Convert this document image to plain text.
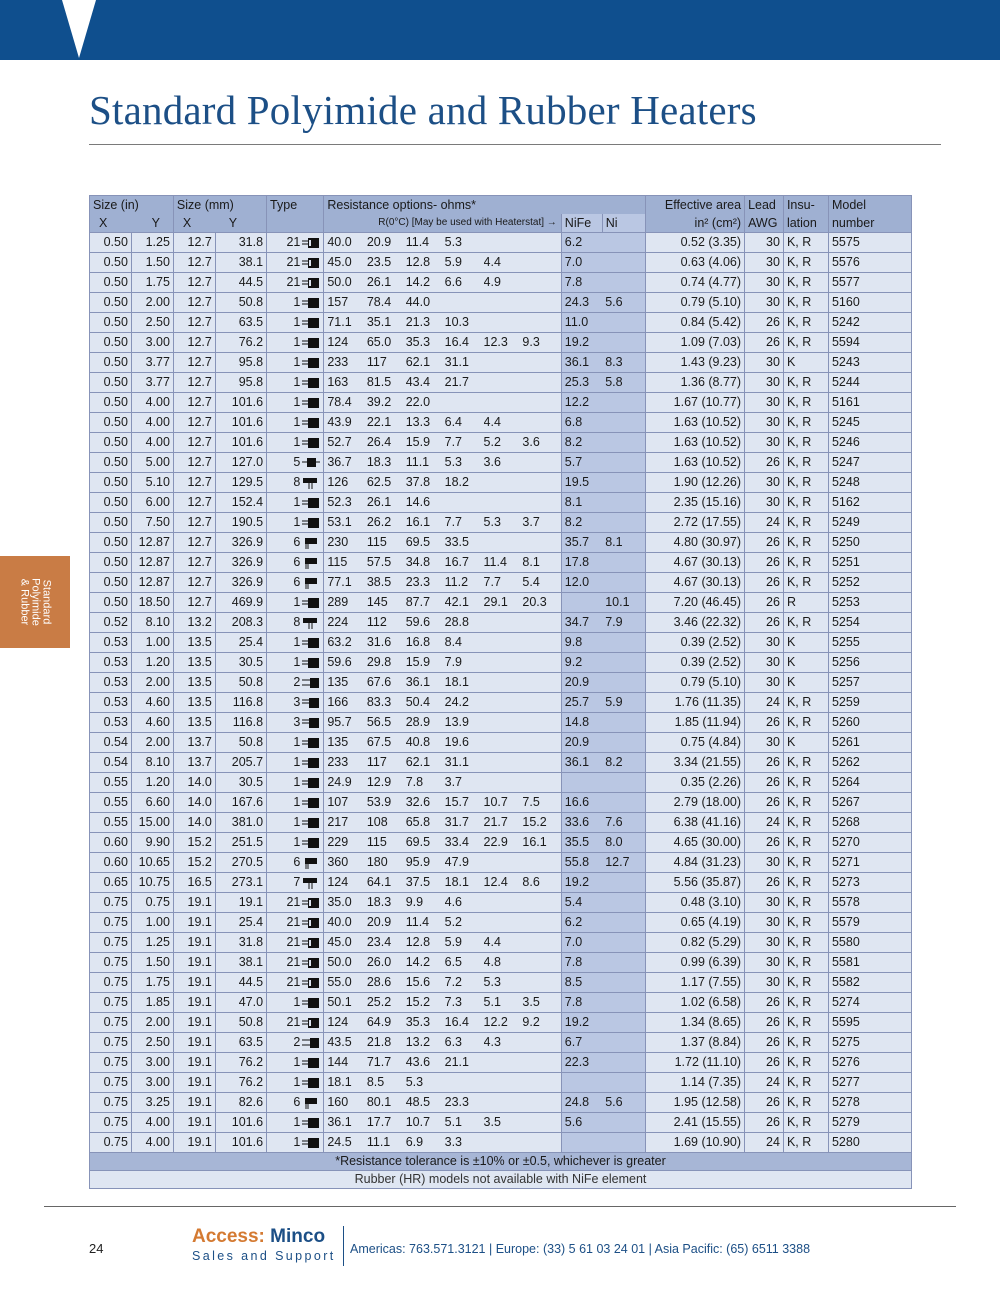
Standard Polyimide and Rubber Heaters
Standard
Polyimide
& Rubber
Size (in)		Size (mm)		Type	Resistance options- ohms*								Effective area	Lead	Insu-	Model

X Y		X Y			R(0°C) [May be used with Heaterstat] →						NiFe	Ni	in² (cm²)	AWG	lation	number
0.50	1.25	12.7	31.8	21	40.0	20.9	11.4	5.3			6.2		0.52 (3.35)	30	K, R	5575
0.50	1.50	12.7	38.1	21	45.0	23.5	12.8	5.9	4.4		7.0		0.63 (4.06)	30	K, R	5576
0.50	1.75	12.7	44.5	21	50.0	26.1	14.2	6.6	4.9		7.8		0.74 (4.77)	30	K, R	5577
0.50	2.00	12.7	50.8	1	157	78.4	44.0				24.3	5.6	0.79 (5.10)	30	K, R	5160
0.50	2.50	12.7	63.5	1	71.1	35.1	21.3	10.3			11.0		0.84 (5.42)	26	K, R	5242
0.50	3.00	12.7	76.2	1	124	65.0	35.3	16.4	12.3	9.3	19.2		1.09 (7.03)	26	K, R	5594
0.50	3.77	12.7	95.8	1	233	117	62.1	31.1			36.1	8.3	1.43 (9.23)	30	K	5243
0.50	3.77	12.7	95.8	1	163	81.5	43.4	21.7			25.3	5.8	1.36 (8.77)	30	K, R	5244
0.50	4.00	12.7	101.6	1	78.4	39.2	22.0				12.2		1.67 (10.77)	30	K, R	5161
0.50	4.00	12.7	101.6	1	43.9	22.1	13.3	6.4	4.4		6.8		1.63 (10.52)	30	K, R	5245
0.50	4.00	12.7	101.6	1	52.7	26.4	15.9	7.7	5.2	3.6	8.2		1.63 (10.52)	30	K, R	5246
0.50	5.00	12.7	127.0	5	36.7	18.3	11.1	5.3	3.6		5.7		1.63 (10.52)	26	K, R	5247
0.50	5.10	12.7	129.5	8	126	62.5	37.8	18.2			19.5		1.90 (12.26)	30	K, R	5248
0.50	6.00	12.7	152.4	1	52.3	26.1	14.6				8.1		2.35 (15.16)	30	K, R	5162
0.50	7.50	12.7	190.5	1	53.1	26.2	16.1	7.7	5.3	3.7	8.2		2.72 (17.55)	24	K, R	5249
0.50	12.87	12.7	326.9	6	230	115	69.5	33.5			35.7	8.1	4.80 (30.97)	26	K, R	5250
0.50	12.87	12.7	326.9	6	115	57.5	34.8	16.7	11.4	8.1	17.8		4.67 (30.13)	26	K, R	5251
0.50	12.87	12.7	326.9	6	77.1	38.5	23.3	11.2	7.7	5.4	12.0		4.67 (30.13)	26	K, R	5252
0.50	18.50	12.7	469.9	1	289	145	87.7	42.1	29.1	20.3		10.1	7.20 (46.45)	26	R	5253
0.52	8.10	13.2	208.3	8	224	112	59.6	28.8			34.7	7.9	3.46 (22.32)	26	K, R	5254
0.53	1.00	13.5	25.4	1	63.2	31.6	16.8	8.4			9.8		0.39 (2.52)	30	K	5255
0.53	1.20	13.5	30.5	1	59.6	29.8	15.9	7.9			9.2		0.39 (2.52)	30	K	5256
0.53	2.00	13.5	50.8	2	135	67.6	36.1	18.1			20.9		0.79 (5.10)	30	K	5257
0.53	4.60	13.5	116.8	3	166	83.3	50.4	24.2			25.7	5.9	1.76 (11.35)	24	K, R	5259
0.53	4.60	13.5	116.8	3	95.7	56.5	28.9	13.9			14.8		1.85 (11.94)	26	K, R	5260
0.54	2.00	13.7	50.8	1	135	67.5	40.8	19.6			20.9		0.75 (4.84)	30	K	5261
0.54	8.10	13.7	205.7	1	233	117	62.1	31.1			36.1	8.2	3.34 (21.55)	26	K, R	5262
0.55	1.20	14.0	30.5	1	24.9	12.9	7.8	3.7					0.35 (2.26)	26	K, R	5264
0.55	6.60	14.0	167.6	1	107	53.9	32.6	15.7	10.7	7.5	16.6		2.79 (18.00)	26	K, R	5267
0.55	15.00	14.0	381.0	1	217	108	65.8	31.7	21.7	15.2	33.6	7.6	6.38 (41.16)	24	K, R	5268
0.60	9.90	15.2	251.5	1	229	115	69.5	33.4	22.9	16.1	35.5	8.0	4.65 (30.00)	26	K, R	5270
0.60	10.65	15.2	270.5	6	360	180	95.9	47.9			55.8	12.7	4.84 (31.23)	30	K, R	5271
0.65	10.75	16.5	273.1	7	124	64.1	37.5	18.1	12.4	8.6	19.2		5.56 (35.87)	26	K, R	5273
0.75	0.75	19.1	19.1	21	35.0	18.3	9.9	4.6			5.4		0.48 (3.10)	30	K, R	5578
0.75	1.00	19.1	25.4	21	40.0	20.9	11.4	5.2			6.2		0.65 (4.19)	30	K, R	5579
0.75	1.25	19.1	31.8	21	45.0	23.4	12.8	5.9	4.4		7.0		0.82 (5.29)	30	K, R	5580
0.75	1.50	19.1	38.1	21	50.0	26.0	14.2	6.5	4.8		7.8		0.99 (6.39)	30	K, R	5581
0.75	1.75	19.1	44.5	21	55.0	28.6	15.6	7.2	5.3		8.5		1.17 (7.55)	30	K, R	5582
0.75	1.85	19.1	47.0	1	50.1	25.2	15.2	7.3	5.1	3.5	7.8		1.02 (6.58)	26	K, R	5274
0.75	2.00	19.1	50.8	21	124	64.9	35.3	16.4	12.2	9.2	19.2		1.34 (8.65)	26	K, R	5595
0.75	2.50	19.1	63.5	2	43.5	21.8	13.2	6.3	4.3		6.7		1.37 (8.84)	26	K, R	5275
0.75	3.00	19.1	76.2	1	144	71.7	43.6	21.1			22.3		1.72 (11.10)	26	K, R	5276
0.75	3.00	19.1	76.2	1	18.1	8.5	5.3						1.14 (7.35)	24	K, R	5277
0.75	3.25	19.1	82.6	6	160	80.1	48.5	23.3			24.8	5.6	1.95 (12.58)	26	K, R	5278
0.75	4.00	19.1	101.6	1	36.1	17.7	10.7	5.1	3.5		5.6		2.41 (15.55)	26	K, R	5279
0.75	4.00	19.1	101.6	1	24.5	11.1	6.9	3.3					1.69 (10.90)	24	K, R	5280
*Resistance tolerance is ±10% or ±0.5, whichever is greater																
Rubber (HR) models not available with NiFe element																
24
Access: Minco
Sales and Support Americas: 763.571.3121 | Europe: (33) 5 61 03 24 01 | Asia Pacific: (65) 6511 3388
